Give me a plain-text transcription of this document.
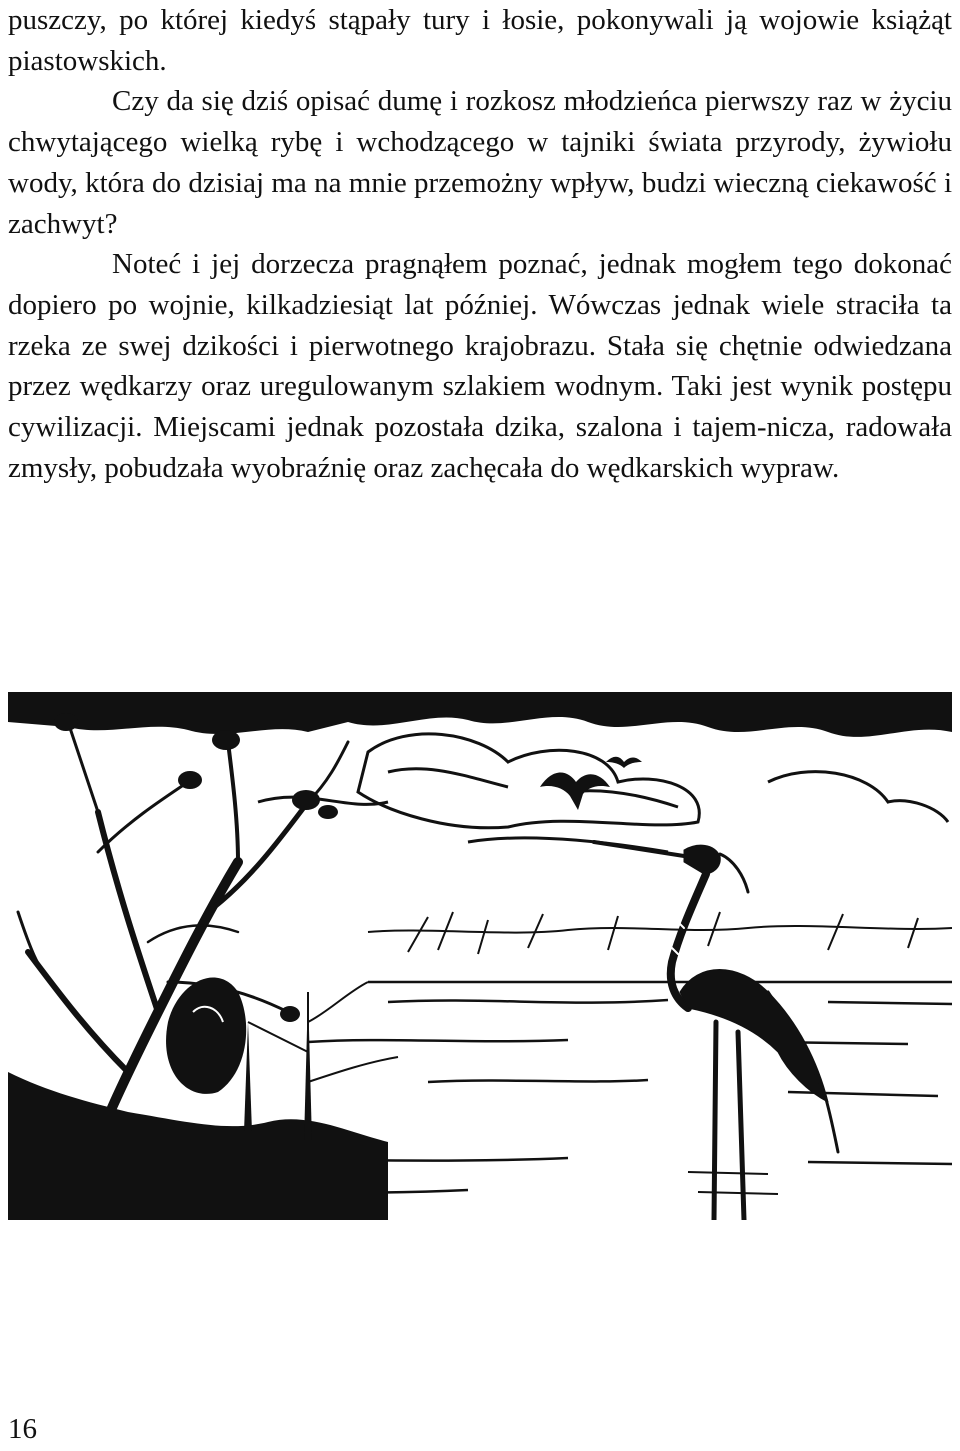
puszczy, po której kiedyś stąpały tury i łosie, pokonywali ją wojowie książąt piastowskich.

Czy da się dziś opisać dumę i rozkosz młodzieńca pierwszy raz w życiu chwytającego wielką rybę i wchodzącego w tajniki świata przyrody, żywiołu wody, która do dzisiaj ma na mnie przemożny wpływ, budzi wieczną ciekawość i zachwyt?

Noteć i jej dorzecza pragnąłem poznać, jednak mogłem tego dokonać dopiero po wojnie, kilkadziesiąt lat później. Wówczas jednak wiele straciła ta rzeka ze swej dzikości i pierwotnego krajobrazu. Stała się chętnie odwiedzana przez wędkarzy oraz uregulowanym szlakiem wodnym. Taki jest wynik postępu cywilizacji. Miejscami jednak pozostała dzika, szalona i tajem-nicza, radowała zmysły, pobudzała wyobraźnię oraz zachęcała do wędkarskich wypraw.

16
